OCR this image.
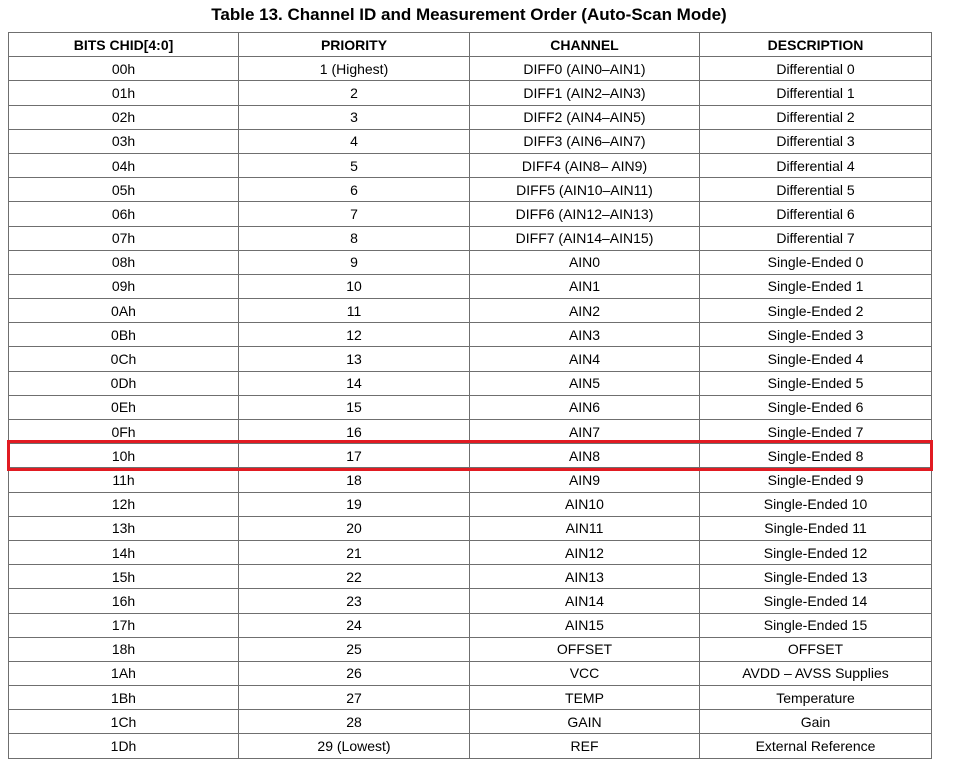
Table 13. Channel ID and Measurement Order (Auto-Scan Mode)
BITS CHID[4:0]	PRIORITY	CHANNEL	DESCRIPTION
00h	1 (Highest)	DIFF0 (AIN0–AIN1)	Differential 0
01h	2	DIFF1 (AIN2–AIN3)	Differential 1
02h	3	DIFF2 (AIN4–AIN5)	Differential 2
03h	4	DIFF3 (AIN6–AIN7)	Differential 3
04h	5	DIFF4 (AIN8– AIN9)	Differential 4
05h	6	DIFF5 (AIN10–AIN11)	Differential 5
06h	7	DIFF6 (AIN12–AIN13)	Differential 6
07h	8	DIFF7 (AIN14–AIN15)	Differential 7
08h	9	AIN0	Single-Ended 0
09h	10	AIN1	Single-Ended 1
0Ah	11	AIN2	Single-Ended 2
0Bh	12	AIN3	Single-Ended 3
0Ch	13	AIN4	Single-Ended 4
0Dh	14	AIN5	Single-Ended 5
0Eh	15	AIN6	Single-Ended 6
0Fh	16	AIN7	Single-Ended 7
10h	17	AIN8	Single-Ended 8
11h	18	AIN9	Single-Ended 9
12h	19	AIN10	Single-Ended 10
13h	20	AIN11	Single-Ended 11
14h	21	AIN12	Single-Ended 12
15h	22	AIN13	Single-Ended 13
16h	23	AIN14	Single-Ended 14
17h	24	AIN15	Single-Ended 15
18h	25	OFFSET	OFFSET
1Ah	26	VCC	AVDD – AVSS Supplies
1Bh	27	TEMP	Temperature
1Ch	28	GAIN	Gain
1Dh	29 (Lowest)	REF	External Reference
